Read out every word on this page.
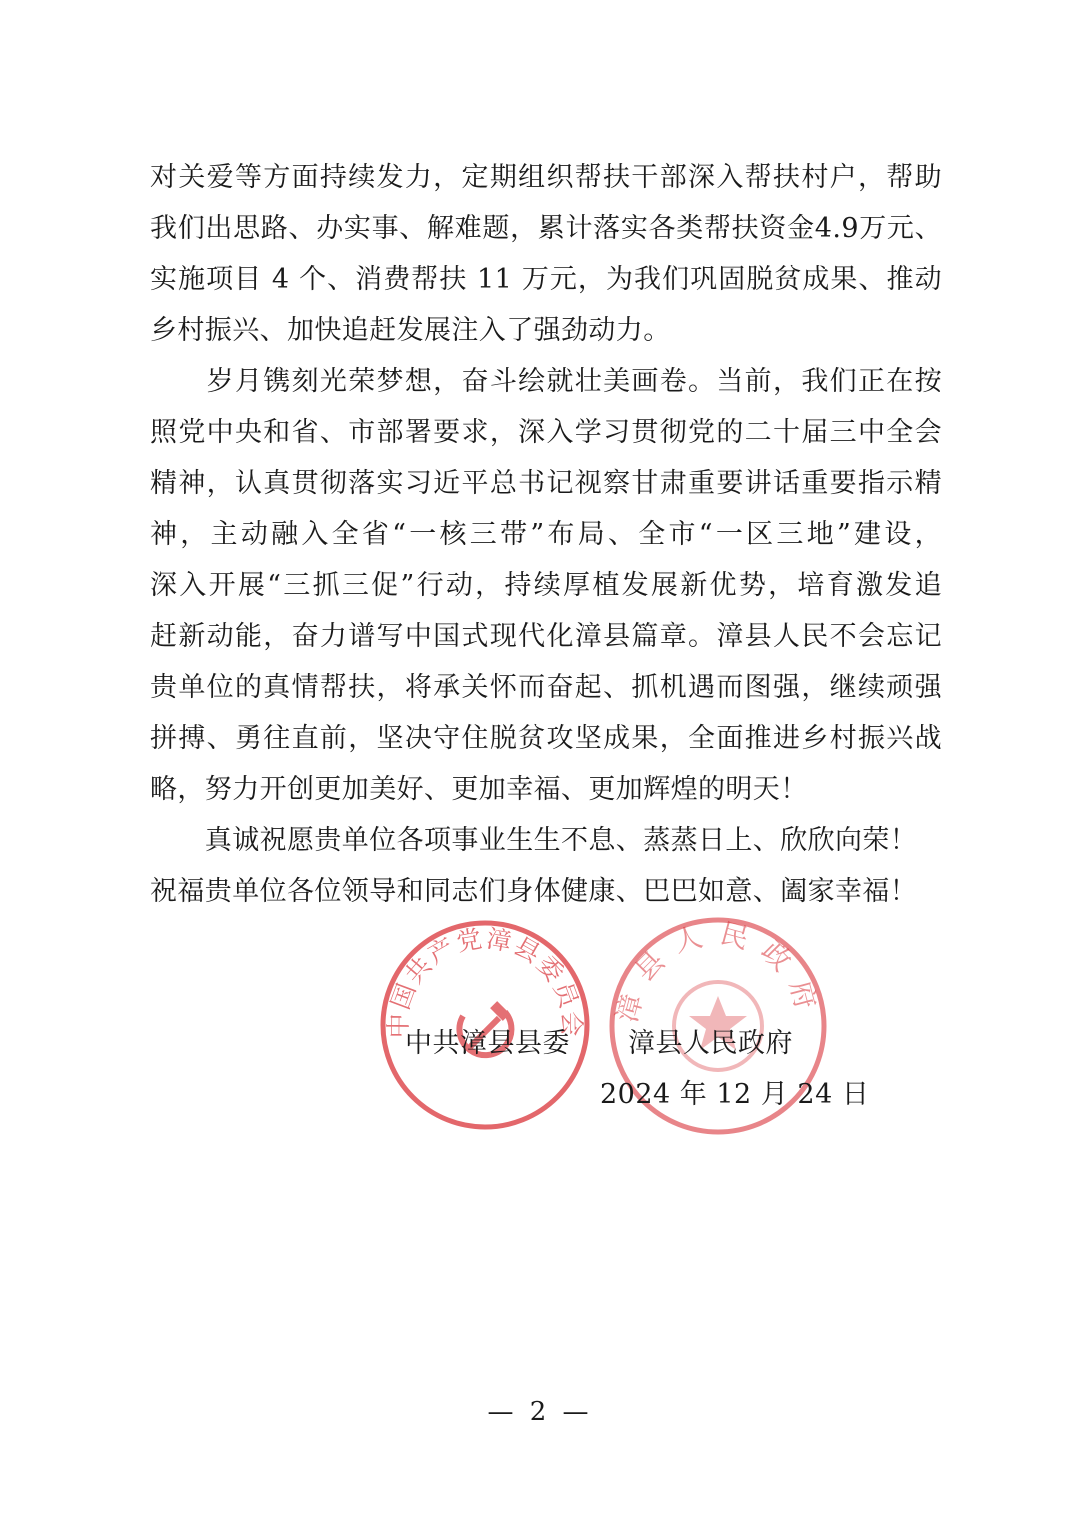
对关爱等方面持续发力，定期组织帮扶干部深入帮扶村户，帮助
我们出思路、办实事、解难题，累计落实各类帮扶资金4.9万元、
实施项目 4 个、消费帮扶 11 万元，为我们巩固脱贫成果、推动
乡村振兴、加快追赶发展注入了强劲动力。
　　岁月镌刻光荣梦想，奋斗绘就壮美画卷。当前，我们正在按
照党中央和省、市部署要求，深入学习贯彻党的二十届三中全会
精神，认真贯彻落实习近平总书记视察甘肃重要讲话重要指示精
神，主动融入全省“一核三带”布局、全市“一区三地”建设，
深入开展“三抓三促”行动，持续厚植发展新优势，培育激发追
赶新动能，奋力谱写中国式现代化漳县篇章。漳县人民不会忘记
贵单位的真情帮扶，将承关怀而奋起、抓机遇而图强，继续顽强
拼搏、勇往直前，坚决守住脱贫攻坚成果，全面推进乡村振兴战
略，努力开创更加美好、更加幸福、更加辉煌的明天！
　　真诚祝愿贵单位各项事业生生不息、蒸蒸日上、欣欣向荣！
祝福贵单位各位领导和同志们身体健康、巴巴如意、阖家幸福！
中国共产党漳县委员会 漳县人民政府
中共漳县县委 漳县人民政府
2024 年 12 月 24 日
— 2 —
